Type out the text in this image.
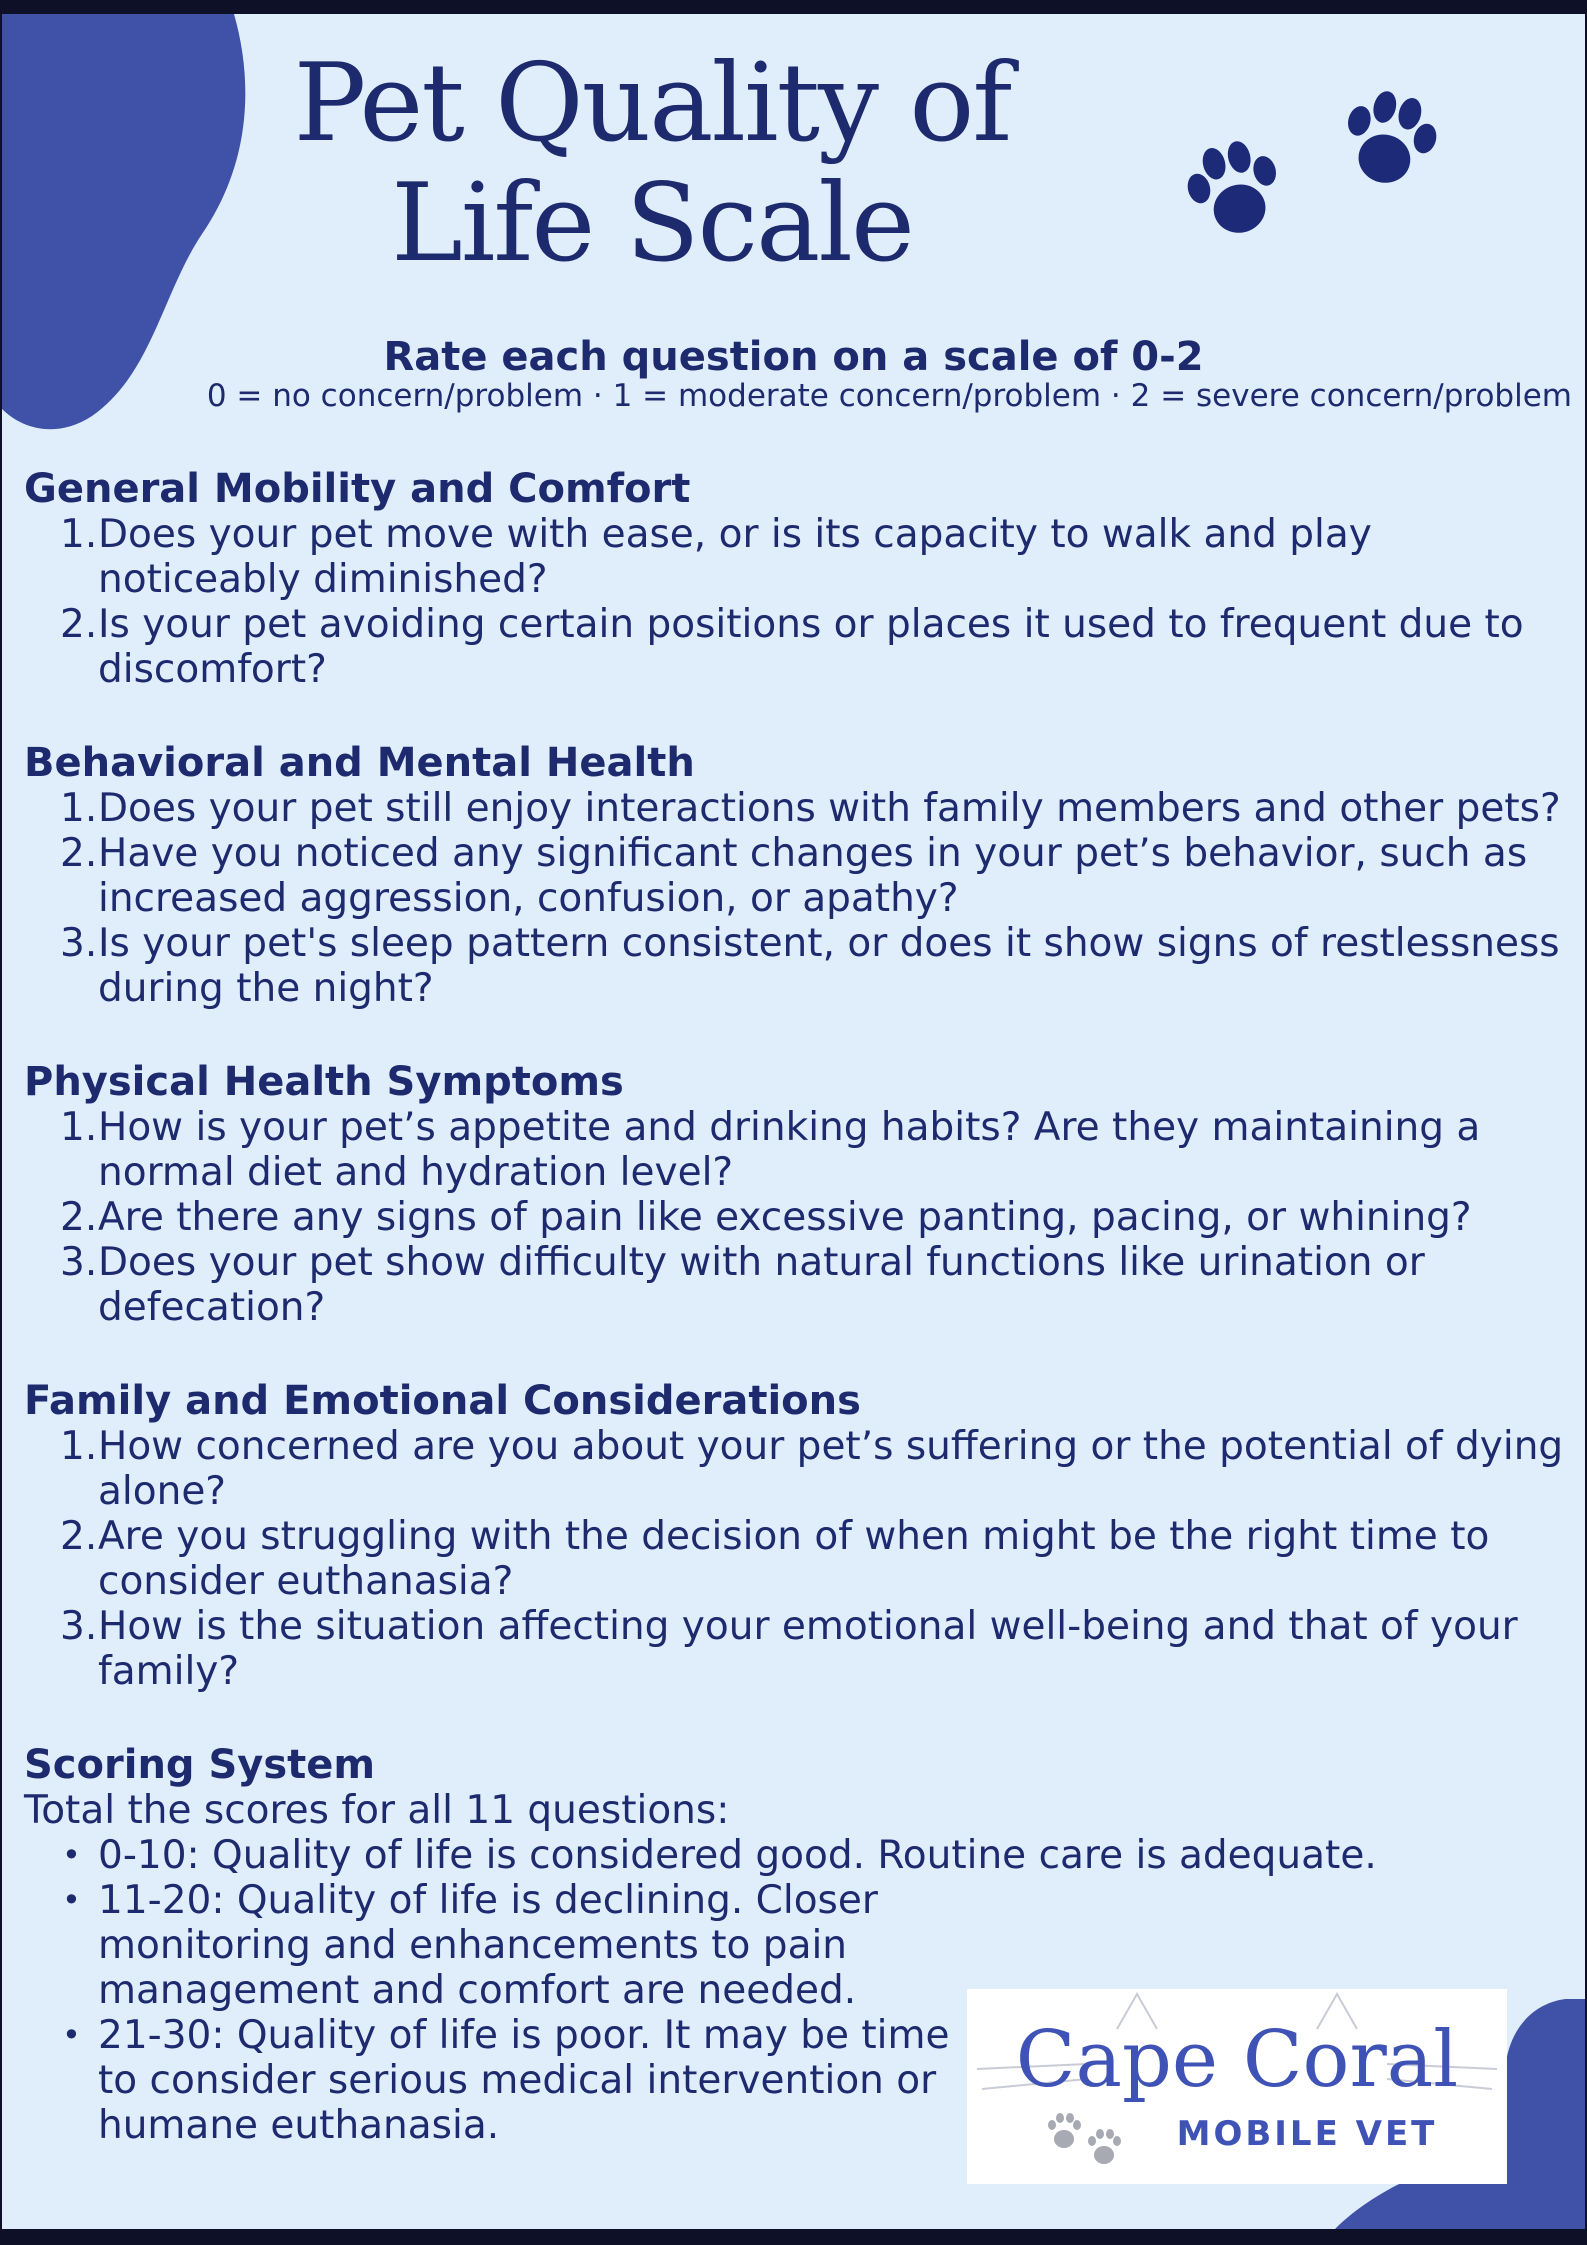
Pet Quality of
Life Scale
Rate each question on a scale of 0-2
0 = no concern/problem · 1 = moderate concern/problem · 2 = severe concern/problem
General Mobility and Comfort
1. Does your pet move with ease, or is its capacity to walk and play noticeably diminished?
2. Is your pet avoiding certain positions or places it used to frequent due to discomfort?
Behavioral and Mental Health
1. Does your pet still enjoy interactions with family members and other pets?
2. Have you noticed any significant changes in your pet’s behavior, such as increased aggression, confusion, or apathy?
3. Is your pet's sleep pattern consistent, or does it show signs of restlessness during the night?
Physical Health Symptoms
1. How is your pet’s appetite and drinking habits? Are they maintaining a normal diet and hydration level?
2. Are there any signs of pain like excessive panting, pacing, or whining?
3. Does your pet show difficulty with natural functions like urination or defecation?
Family and Emotional Considerations
1. How concerned are you about your pet’s suffering or the potential of dying alone?
2. Are you struggling with the decision of when might be the right time to consider euthanasia?
3. How is the situation affecting your emotional well-being and that of your family?
Scoring System
Total the scores for all 11 questions:
• 0-10: Quality of life is considered good. Routine care is adequate.
• 11-20: Quality of life is declining. Closer monitoring and enhancements to pain management and comfort are needed.
• 21-30: Quality of life is poor. It may be time to consider serious medical intervention or humane euthanasia.
Cape Coral
MOBILE VET
